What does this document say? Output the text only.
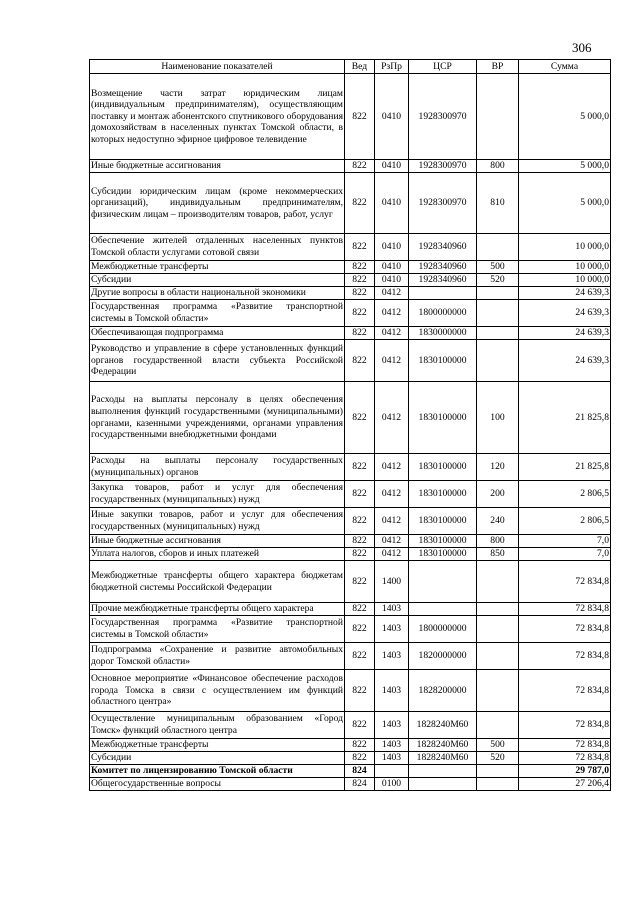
306
Наименование показателей	Вед	РзПр	ЦСР	ВР	Сумма
Возмещение части затрат юридическим лицам (индивидуальным предпринимателям), осуществляющим поставку и монтаж абонентского спутникового оборудования домохозяйствам в населенных пунктах Томской области, в которых недоступно эфирное цифровое телевидение	822	0410	1928300970		5 000,0
Иные бюджетные ассигнования	822	0410	1928300970	800	5 000,0
Субсидии юридическим лицам (кроме некоммерческих организаций), индивидуальным предпринимателям, физическим лицам – производителям товаров, работ, услуг	822	0410	1928300970	810	5 000,0
Обеспечение жителей отдаленных населенных пунктов Томской области услугами сотовой связи	822	0410	1928340960		10 000,0
Межбюджетные трансферты	822	0410	1928340960	500	10 000,0
Субсидии	822	0410	1928340960	520	10 000,0
Другие вопросы в области национальной экономики	822	0412			24 639,3
Государственная программа «Развитие транспортной системы в Томской области»	822	0412	1800000000		24 639,3
Обеспечивающая подпрограмма	822	0412	1830000000		24 639,3
Руководство и управление в сфере установленных функций органов государственной власти субъекта Российской Федерации	822	0412	1830100000		24 639,3
Расходы на выплаты персоналу в целях обеспечения выполнения функций государственными (муниципальными) органами, казенными учреждениями, органами управления государственными внебюджетными фондами	822	0412	1830100000	100	21 825,8
Расходы на выплаты персоналу государственных (муниципальных) органов	822	0412	1830100000	120	21 825,8
Закупка товаров, работ и услуг для обеспечения государственных (муниципальных) нужд	822	0412	1830100000	200	2 806,5
Иные закупки товаров, работ и услуг для обеспечения государственных (муниципальных) нужд	822	0412	1830100000	240	2 806,5
Иные бюджетные ассигнования	822	0412	1830100000	800	7,0
Уплата налогов, сборов и иных платежей	822	0412	1830100000	850	7,0
Межбюджетные трансферты общего характера бюджетам бюджетной системы Российской Федерации	822	1400			72 834,8
Прочие межбюджетные трансферты общего характера	822	1403			72 834,8
Государственная программа «Развитие транспортной системы в Томской области»	822	1403	1800000000		72 834,8
Подпрограмма «Сохранение и развитие автомобильных дорог Томской области»	822	1403	1820000000		72 834,8
Основное мероприятие «Финансовое обеспечение расходов города Томска в связи с осуществлением им функций областного центра»	822	1403	1828200000		72 834,8
Осуществление муниципальным образованием «Город Томск» функций областного центра	822	1403	1828240М60		72 834,8
Межбюджетные трансферты	822	1403	1828240М60	500	72 834,8
Субсидии	822	1403	1828240М60	520	72 834,8
Комитет по лицензированию Томской области	824				29 787,0
Общегосударственные вопросы	824	0100			27 206,4
